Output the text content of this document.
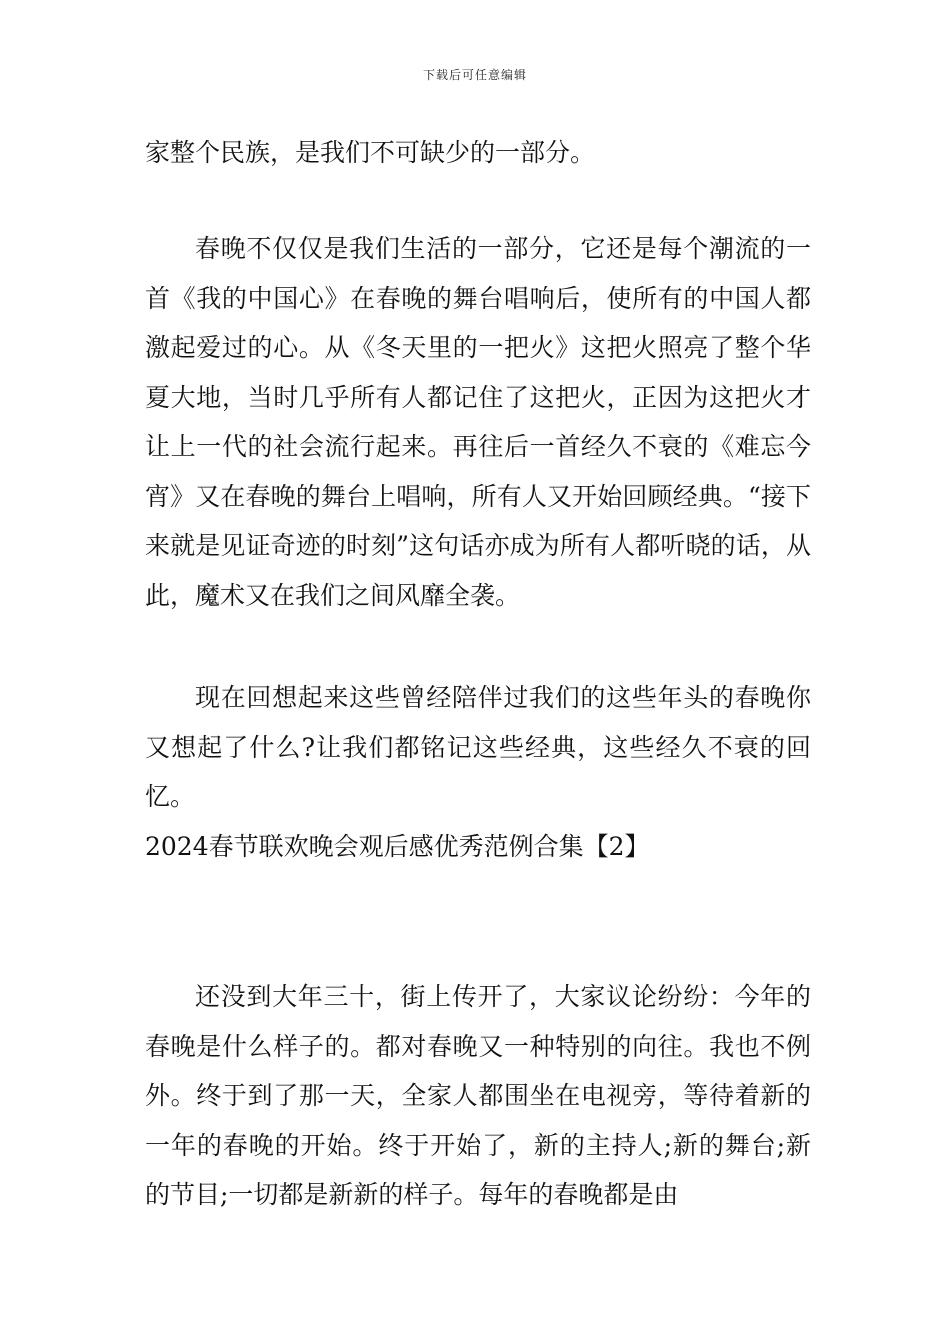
下载后可任意编辑

家整个民族，是我们不可缺少的一部分。

春晚不仅仅是我们生活的一部分，它还是每个潮流的一首《我的中国心》在春晚的舞台唱响后，使所有的中国人都激起爱过的心。从《冬天里的一把火》这把火照亮了整个华夏大地，当时几乎所有人都记住了这把火，正因为这把火才让上一代的社会流行起来。再往后一首经久不衰的《难忘今宵》又在春晚的舞台上唱响，所有人又开始回顾经典。“接下来就是见证奇迹的时刻”这句话亦成为所有人都听晓的话，从此，魔术又在我们之间风靡全袭。

现在回想起来这些曾经陪伴过我们的这些年头的春晚你又想起了什么?让我们都铭记这些经典，这些经久不衰的回忆。

2024春节联欢晚会观后感优秀范例合集【2】

还没到大年三十，街上传开了，大家议论纷纷：今年的春晚是什么样子的。都对春晚又一种特别的向往。我也不例外。终于到了那一天，全家人都围坐在电视旁，等待着新的一年的春晚的开始。终于开始了，新的主持人;新的舞台;新的节目;一切都是新新的样子。每年的春晚都是由
